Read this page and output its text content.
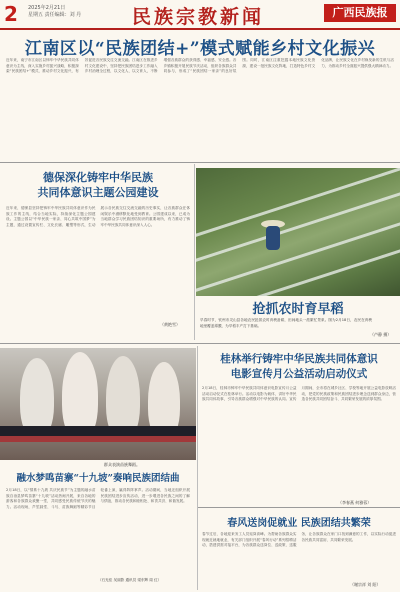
2 2025年2月21日
星期五 责任编辑：刘 丹	民族宗教新闻	广西民族报
江南区以“民族团结+”模式赋能乡村文化振兴
近年来，南宁市江南区以铸牢中华民族共同体意识为主线，深入实施乡村振兴战略，积极探索“民族团结+”模式，推动乡村文化振兴，有效促进各民族交往交流交融。江南区在推进乡村文化建设中，坚持把民族团结进步工作融入乡村治理全过程，以文化人、以文育人，不断增强各族群众的获得感、幸福感、安全感。各乡镇积极开展民族节庆活动，组织各族群众共同参与，形成了“民族团结一家亲”的良好氛围。同时，江南区注重挖掘本地民族文化资源，建设一批民族文化阵地，打造特色乡村文化品牌，让民族文化在乡村焕发新的生机与活力，为推动乡村全面振兴提供强大精神动力。
德保深化铸牢中华民族
共同体意识主题公园建设
近年来，德保县坚持把铸牢中华民族共同体意识作为民族工作的主线，结合当地实际，持续深化主题公园建设。主题公园以“中华民族一家亲、同心共筑中国梦”为主题，通过设置宣传栏、文化长廊、雕塑等形式，生动展示各民族交往交流交融的历史事实，让各族群众在休闲娱乐中潜移默化地受到教育。公园建成以来，已成为当地群众学习民族团结知识的重要场所，有力推动了铸牢中华民族共同体意识深入人心。
（黄艳雪）
抢抓农时育早稻
早春时节，钦州市灵山县各地农民抢抓农时育秧备耕，田间地头一派繁忙景象。图为2月18日，农民在育秧地里覆盖薄膜，为早稻丰产打下基础。
（卢静 摄）
群众表演苗族舞蹈。
融水梦鸣苗寨“十九坡”奏响民族团结曲
2月18日，以“情系十九坡 共庆民族节”为主题的融水苗族自治县梦鸣苗寨“十九坡”活动热闹开展，来自各地的游客和各族群众欢聚一堂，共同感受民族传统节庆的魅力。活动现场，芦笙踩堂、斗马、苗族舞蹈等精彩节目轮番上演，赢得阵阵掌声。活动期间，当地还组织开展民族团结进步宣传活动，进一步增进各民族之间的了解与情谊，推动各民族和睦相处、和衷共济、和谐发展。
（石光佳 吴丽影 通讯员 梁东辉 周 红）
桂林举行铸牢中华民族共同体意识
电影宣传月公益活动启动仪式
2月18日，桂林市铸牢中华民族共同体意识电影宣传月公益活动启动仪式在桂林举行。活动以电影为载体，讲好中华民族共同体故事，引导各族群众增强对中华民族的认同。宣传月期间，全市将在城乡社区、学校等地开展公益电影放映活动，把党的民族政策和民族团结进步理念送到群众身边，营造各民族共同团结奋斗、共同繁荣发展的浓厚氛围。
（李春燕 何雅蓉）
春风送岗促就业 民族团结共繁荣
春节过后，各地迎来务工人员返岗高峰。为帮助各族群众实现就近就地就业，有关部门组织开展“春风行动”系列招聘活动，搭建供需对接平台，为各族群众送岗位、送政策、送服务，让各族群众在家门口找到满意的工作，以实际行动促进各民族共同富裕、共同繁荣发展。
（谢宗祥 刘 阳）
